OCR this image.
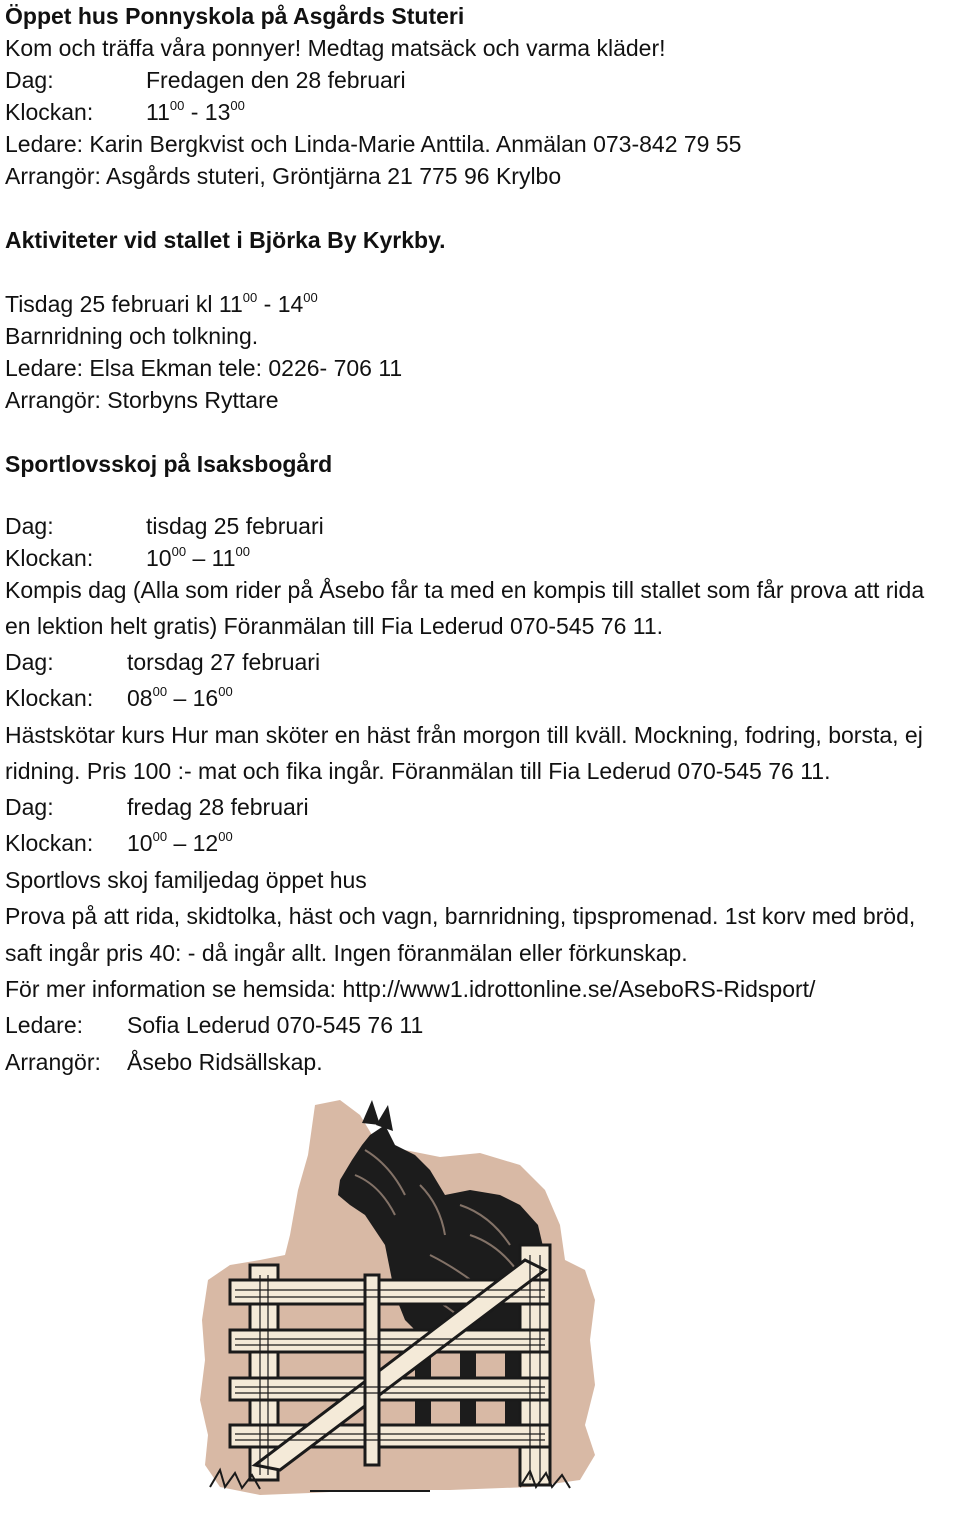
Öppet hus Ponnyskola på Asgårds Stuteri
Kom och träffa våra ponnyer! Medtag matsäck och varma kläder!
Dag:	Fredagen den 28 februari
Klockan: $11^{00} - 13^{00}$
Ledare: Karin Bergkvist och Linda-Marie Anttila. Anmälan 073-842 79 55
Arrangör: Asgårds stuteri, Gröntjärna 21 775 96 Krylbo
Aktiviteter vid stallet i Björka By Kyrkby.
Tisdag 25 februari kl $11^{00} - 14^{00}$
Barnridning och tolkning.
Ledare: Elsa Ekman tele: 0226- 706 11
Arrangör: Storbyns Ryttare
Sportlovsskoj på Isaksbogård
Dag:	tisdag 25 februari
Klockan: $10^{00} - 11^{00}$
Kompis dag (Alla som rider på Åsebo får ta med en kompis till stallet som får prova att rida
en lektion helt gratis) Föranmälan till Fia Lederud 070-545 76 11.
Dag:	torsdag 27 februari
Klockan: $08^{00} - 16^{00}$
Hästskötar kurs Hur man sköter en häst från morgon till kväll. Mockning, fodring, borsta, ej
ridning. Pris 100 :- mat och fika ingår. Föranmälan till Fia Lederud 070-545 76 11.
Dag:	fredag 28 februari
Klockan: $10^{00} - 12^{00}$
Sportlovs skoj familjedag öppet hus
Prova på att rida, skidtolka, häst och vagn, barnridning, tipspromenad. 1st korv med bröd,
saft ingår pris 40: - då ingår allt. Ingen föranmälan eller förkunskap.
För mer information se hemsida: http://www1.idrottonline.se/AseboRS-Ridsport/
Ledare: Sofia Lederud 070-545 76 11
Arrangör: Åsebo Ridsällskap.
